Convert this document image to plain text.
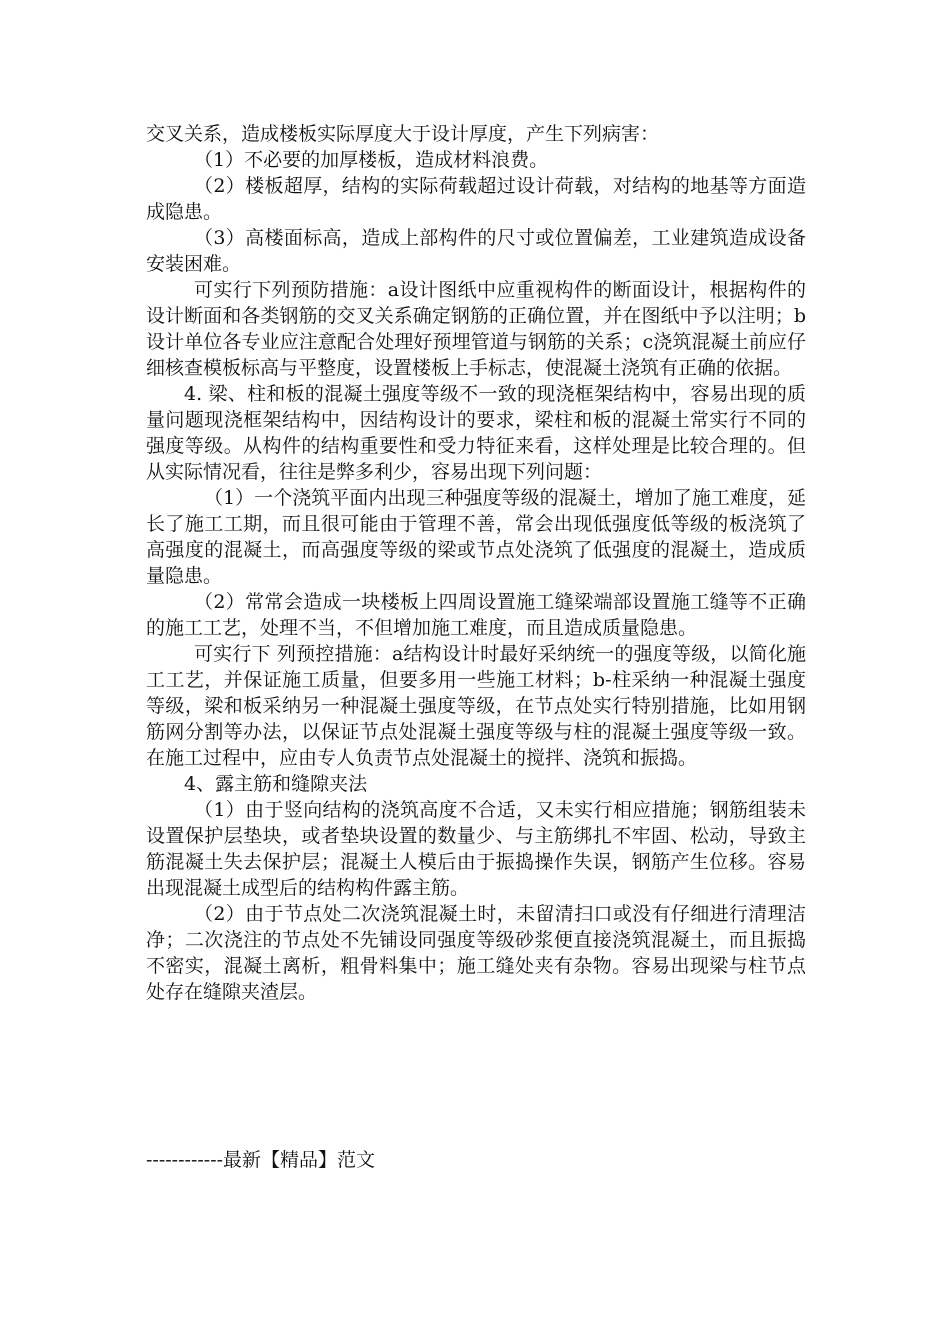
交叉关系，造成楼板实际厚度大于设计厚度，产生下列病害：

（1）不必要的加厚楼板，造成材料浪费。

（2）楼板超厚，结构的实际荷载超过设计荷载，对结构的地基等方面造成隐患。

（3）高楼面标高，造成上部构件的尺寸或位置偏差，工业建筑造成设备安装困难。

可实行下列预防措施：a设计图纸中应重视构件的断面设计，根据构件的设计断面和各类钢筋的交叉关系确定钢筋的正确位置，并在图纸中予以注明；b设计单位各专业应注意配合处理好预埋管道与钢筋的关系；c浇筑混凝土前应仔细核查模板标高与平整度，设置楼板上手标志，使混凝土浇筑有正确的依据。

4. 梁、柱和板的混凝土强度等级不一致的现浇框架结构中，容易出现的质量问题现浇框架结构中，因结构设计的要求，梁柱和板的混凝土常实行不同的强度等级。从构件的结构重要性和受力特征来看，这样处理是比较合理的。但从实际情况看，往往是弊多利少，容易出现下列问题：

（1）一个浇筑平面内出现三种强度等级的混凝土，增加了施工难度，延长了施工工期，而且很可能由于管理不善，常会出现低强度低等级的板浇筑了高强度的混凝土，而高强度等级的梁或节点处浇筑了低强度的混凝土，造成质量隐患。

（2）常常会造成一块楼板上四周设置施工缝梁端部设置施工缝等不正确的施工工艺，处理不当，不但增加施工难度，而且造成质量隐患。

可实行下 列预控措施：a结构设计时最好采纳统一的强度等级，以简化施工工艺，并保证施工质量，但要多用一些施工材料；b-柱采纳一种混凝土强度等级，梁和板采纳另一种混凝土强度等级，在节点处实行特别措施，比如用钢筋网分割等办法，以保证节点处混凝土强度等级与柱的混凝土强度等级一致。在施工过程中，应由专人负责节点处混凝土的搅拌、浇筑和振捣。

4、露主筋和缝隙夹法

（1）由于竖向结构的浇筑高度不合适，又未实行相应措施；钢筋组装未设置保护层垫块，或者垫块设置的数量少、与主筋绑扎不牢固、松动，导致主筋混凝土失去保护层；混凝土人模后由于振捣操作失误，钢筋产生位移。容易出现混凝土成型后的结构构件露主筋。

（2）由于节点处二次浇筑混凝土时，未留清扫口或没有仔细进行清理洁净；二次浇注的节点处不先铺设同强度等级砂浆便直接浇筑混凝土，而且振捣不密实，混凝土离析，粗骨料集中；施工缝处夹有杂物。容易出现梁与柱节点处存在缝隙夹渣层。

------------最新【精品】范文
